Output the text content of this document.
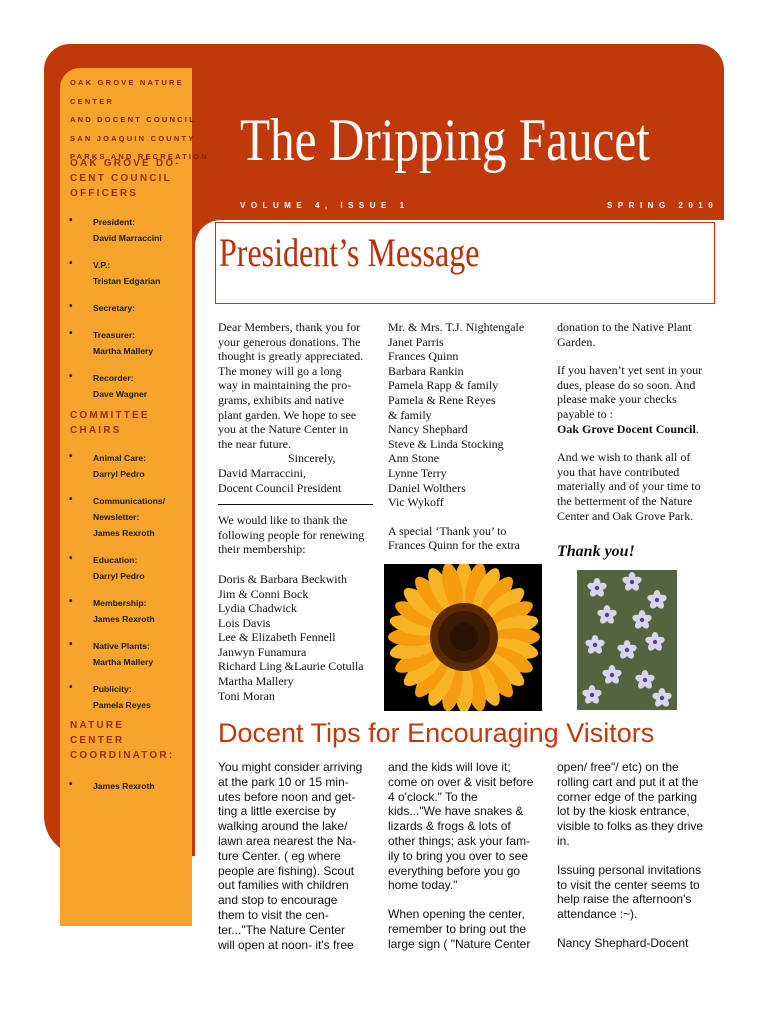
OAK GROVE NATURE CENTER
AND DOCENT COUNCIL
SAN JOAQUIN COUNTY
PARKS AND RECREATION
OAK GROVE DO-
CENT COUNCIL
OFFICERS
• President:
David Marraccini
• V.P.:
Tristan Edgarian
• Secretary:
• Treasurer:
Martha Mallery
• Recorder:
Dave Wagner
COMMITTEE
CHAIRS
• Animal Care:
Darryl Pedro
• Communications/
Newsletter:
James Rexroth
• Education:
Darryl Pedro
• Membership:
James Rexroth
• Native Plants:
Martha Mallery
• Publicity:
Pamela Reyes
NATURE
CENTER
COORDINATOR:
• James Rexroth
The Dripping Faucet
VOLUME 4, ISSUE 1	SPRING 2010
President’s Message

Dear Members, thank you for

your generous donations. The

thought is greatly appreciated.

The money will go a long

way in maintaining the pro-

grams, exhibits and native

plant garden. We hope to see

you at the Nature Center in

the near future.

Sincerely,

David Marraccini,

Docent Council President

We would like to thank the

following people for renewing

their membership:

Doris & Barbara Beckwith

Jim & Conni Bock

Lydia Chadwick

Lois Davis

Lee & Elizabeth Fennell

Janwyn Funamura

Richard Ling &Laurie Cotulla

Martha Mallery

Toni Moran

Mr. & Mrs. T.J. Nightengale

Janet Parris

Frances Quinn

Barbara Rankin

Pamela Rapp & family

Pamela & Rene Reyes

& family

Nancy Shephard

Steve & Linda Stocking

Ann Stone

Lynne Terry

Daniel Wolthers

Vic Wykoff

A special ‘Thank you’ to

Frances Quinn for the extra

donation to the Native Plant

Garden.

If you haven’t yet sent in your

dues, please do so soon. And

please make your checks

payable to :

Oak Grove Docent Council.

And we wish to thank all of

you that have contributed

materially and of your time to

the betterment of the Nature

Center and Oak Grove Park.

Thank you!
Docent Tips for Encouraging Visitors

You might consider arriving

at the park 10 or 15 min-

utes before noon and get-

ting a little exercise by

walking around the lake/

lawn area nearest the Na-

ture Center. ( eg where

people are fishing). Scout

out families with children

and stop to encourage

them to visit the cen-

ter..."The Nature Center

will open at noon- it's free

and the kids will love it;

come on over & visit before

4 o'clock." To the

kids..."We have snakes &

lizards & frogs & lots of

other things; ask your fam-

ily to bring you over to see

everything before you go

home today."

When opening the center,

remember to bring out the

large sign ( "Nature Center

open/ free"/ etc) on the

rolling cart and put it at the

corner edge of the parking

lot by the kiosk entrance,

visible to folks as they drive

in.

Issuing personal invitations

to visit the center seems to

help raise the afternoon's

attendance :~).

Nancy Shephard-Docent
